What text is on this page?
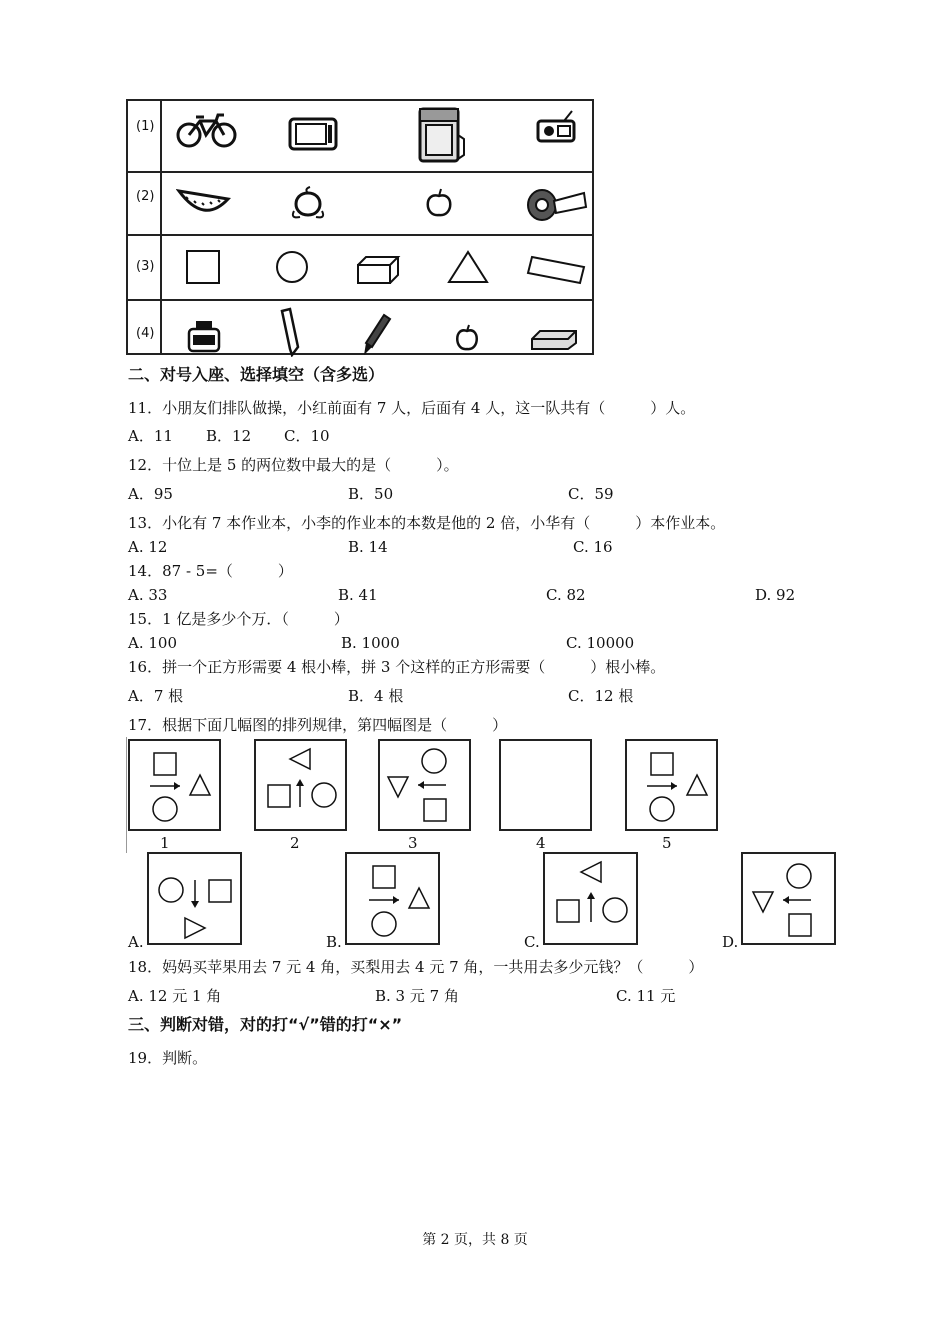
(1)
(2)
(3)
(4)
二、对号入座、选择填空（含多选）
11．小朋友们排队做操，小红前面有 7 人，后面有 4 人，这一队共有（　　　）人。
A．11 B．12 C．10
12．十位上是 5 的两位数中最大的是（　　　）。
A．95	B．50	C．59
13．小化有 7 本作业本，小李的作业本的本数是他的 2 倍，小华有（　　　）本作业本。
A. 12	B. 14	C. 16
14．87 - 5=（　　　）
A. 33	B. 41	C. 82	D. 92
15．1 亿是多少个万．（　　　）
A. 100	B. 1000	C. 10000
16．拼一个正方形需要 4 根小棒，拼 3 个这样的正方形需要（　　　）根小棒。
A．7 根	B．4 根	C．12 根
17．根据下面几幅图的排列规律，第四幅图是（　　　）
1	2	3	4	5
A.	B.	C.	D.
18．妈妈买苹果用去 7 元 4 角，买梨用去 4 元 7 角，一共用去多少元钱？（　　　）
A. 12 元 1 角	B. 3 元 7 角	C. 11 元
三、判断对错，对的打“√”错的打“×”
19．判断。
第 2 页，共 8 页
